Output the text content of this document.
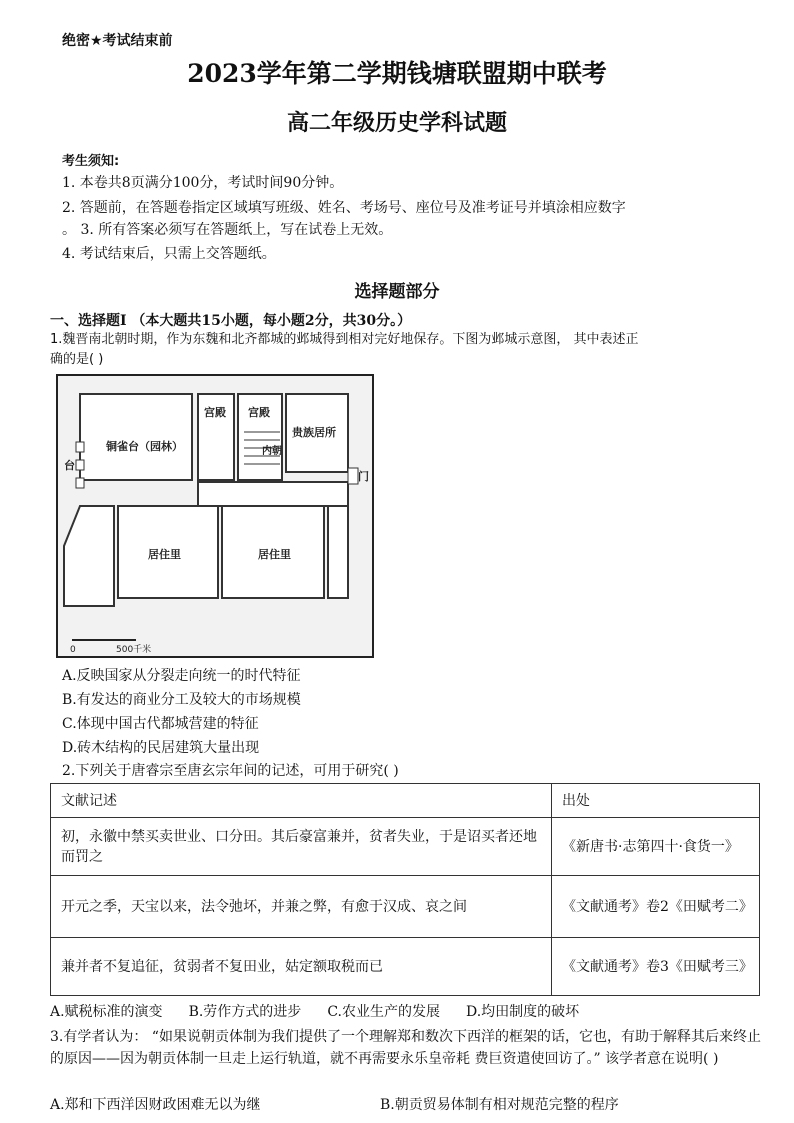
绝密★考试结束前
2023学年第二学期钱塘联盟期中联考
高二年级历史学科试题
考生须知:
1. 本卷共8页满分100分，考试时间90分钟。
2. 答题前，在答题卷指定区域填写班级、姓名、考场号、座位号及准考证号并填涂相应数字
。 3. 所有答案必须写在答题纸上，写在试卷上无效。
4. 考试结束后，只需上交答题纸。
选择题部分
一、选择题I （本大题共15小题，每小题2分，共30分。）
1.魏晋南北朝时期，作为东魏和北齐都城的邺城得到相对完好地保存。下图为邺城示意图， 其中表述正
确的是( )
宫殿 宫殿
铜雀台（园林）
贵族居所
内朝
台
门
居住里	居住里
0	500千米
A.反映国家从分裂走向统一的时代特征
B.有发达的商业分工及较大的市场规模
C.体现中国古代都城营建的特征
D.砖木结构的民居建筑大量出现
2.下列关于唐睿宗至唐玄宗年间的记述，可用于研究( )
文献记述	出处
初，永徽中禁买卖世业、口分田。其后豪富兼并，贫者失业，于是诏买者还地而罚之	《新唐书·志第四十·食货一》
开元之季，天宝以来，法令弛坏，并兼之弊，有愈于汉成、哀之间	《文献通考》卷2《田赋考二》
兼并者不复追征，贫弱者不复田业，姑定额取税而已	《文献通考》卷3《田赋考三》
A.赋税标准的演变 B.劳作方式的进步 C.农业生产的发展 D.均田制度的破坏
3.有学者认为： “如果说朝贡体制为我们提供了一个理解郑和数次下西洋的框架的话，它也，有助于解释其后来终止的原因——因为朝贡体制一旦走上运行轨道，就不再需要永乐皇帝耗 费巨资遣使回访了。” 该学者意在说明( )
A.郑和下西洋因财政困难无以为继	B.朝贡贸易体制有相对规范完整的程序
